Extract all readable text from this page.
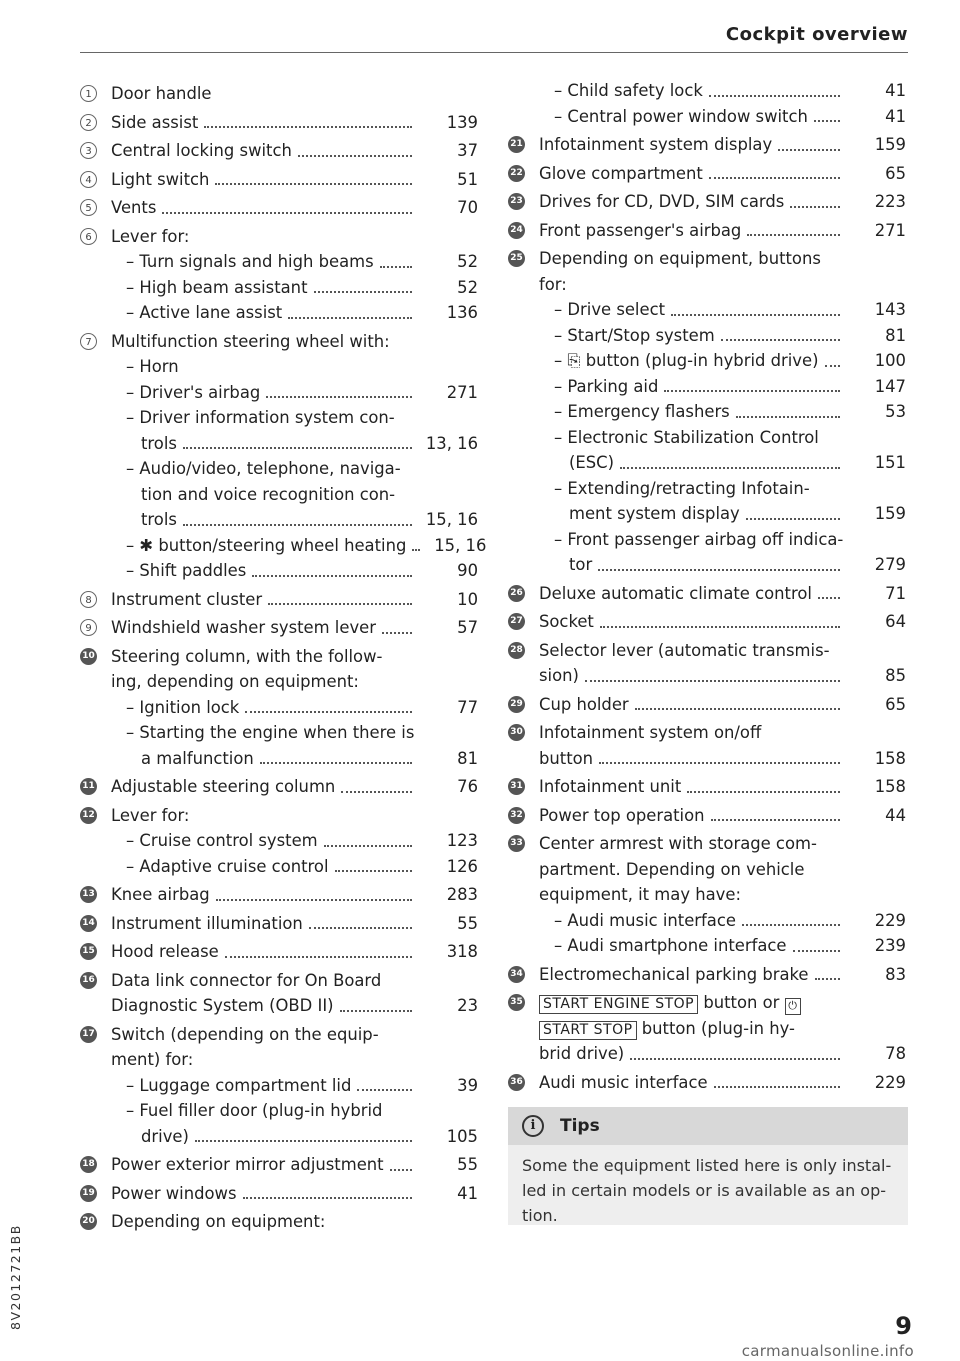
Cockpit overview
1	Door handle
2	Side assist	139
3	Central locking switch	37
4	Light switch	51
5	Vents	70
6	Lever for:
– Turn signals and high beams	52
– High beam assistant	52
– Active lane assist	136
7	Multifunction steering wheel with:
– Horn
– Driver's airbag	271
– Driver information system con-
trols	13, 16
– Audio/video, telephone, naviga-
tion and voice recognition con-
trols	15, 16
– ✱ button/steering wheel heating	15, 16
– Shift paddles	90
8	Instrument cluster	10
9	Windshield washer system lever	57
10 Steering column, with the follow-
ing, depending on equipment:
– Ignition lock	77
– Starting the engine when there is
a malfunction	81
11 Adjustable steering column	76
12 Lever for:
– Cruise control system	123
– Adaptive cruise control	126
13 Knee airbag	283
14 Instrument illumination	55
15 Hood release	318
16 Data link connector for On Board
Diagnostic System (OBD II)	23
17 Switch (depending on the equip-
ment) for:
– Luggage compartment lid	39
– Fuel filler door (plug-in hybrid
drive)	105
18 Power exterior mirror adjustment	55
19 Power windows	41
20 Depending on equipment:
– Child safety lock	41
– Central power window switch	41
21 Infotainment system display	159
22 Glove compartment	65
23 Drives for CD, DVD, SIM cards	223
24 Front passenger's airbag	271
25 Depending on equipment, buttons
for:
– Drive select	143
– Start/Stop system	81
– ⎘ button (plug-in hybrid drive)	100
– Parking aid	147
– Emergency flashers	53
– Electronic Stabilization Control
(ESC)	151
– Extending/retracting Infotain-
ment system display	159
– Front passenger airbag off indica-
tor	279
26 Deluxe automatic climate control	71
27 Socket	64
28 Selector lever (automatic transmis-
sion)	85
29 Cup holder	65
30 Infotainment system on/off
button	158
31 Infotainment unit	158
32 Power top operation	44
33 Center armrest with storage com-
partment. Depending on vehicle
equipment, it may have:
– Audi music interface	229
– Audi smartphone interface	239
34 Electromechanical parking brake	83
35 START ENGINE STOP button or ⏻
START STOP button (plug-in hy-
brid drive)	78
36 Audi music interface	229
i	Tips
Some the equipment listed here is only instal-
led in certain models or is available as an op-
tion.
8V2012721BB	9
carmanualsonline.info
